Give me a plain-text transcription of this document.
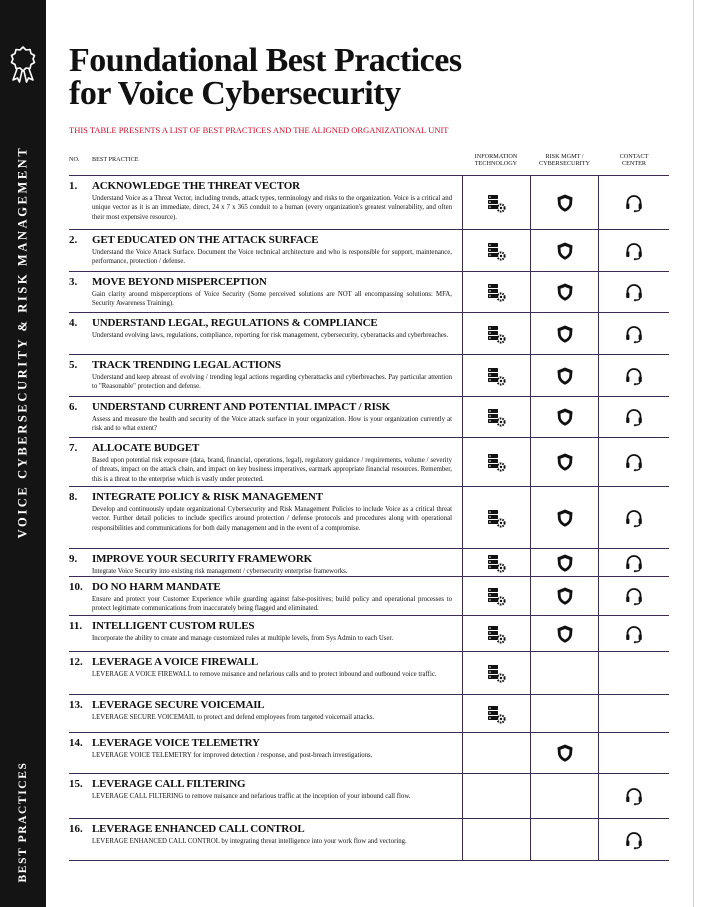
VOICE CYBERSECURITY & RISK MANAGEMENT
BEST PRACTICES
Foundational Best Practices
for Voice Cybersecurity
THIS TABLE PRESENTS A LIST OF BEST PRACTICES AND THE ALIGNED ORGANIZATIONAL UNIT
NO. BEST PRACTICE	INFORMATION
TECHNOLOGY
RISK MGMT /
CYBERSECURITY
CONTACT
CENTER
1. ACKNOWLEDGE THE THREAT VECTOR
Understand Voice as a Threat Vector, including trends, attack types, terminology and risks to the organization. Voice is a critical and unique vector as it is an immediate, direct, 24 x 7 x 365 conduit to a human (every organization's greatest vulnerability, and often their most expensive resource).
2. GET EDUCATED ON THE ATTACK SURFACE
Understand the Voice Attack Surface. Document the Voice technical architecture and who is responsible for support, maintenance, performance, protection / defense.
3. MOVE BEYOND MISPERCEPTION
Gain clarity around misperceptions of Voice Security (Some perceived solutions are NOT all encompassing solutions: MFA, Security Awareness Training).
4. UNDERSTAND LEGAL, REGULATIONS & COMPLIANCE
Understand evolving laws, regulations, compliance, reporting for risk management, cybersecurity, cyberattacks and cyberbreaches.
5. TRACK TRENDING LEGAL ACTIONS
Understand and keep abreast of evolving / trending legal actions regarding cyberattacks and cyberbreaches. Pay particular attention to "Reasonable" protection and defense.
6. UNDERSTAND CURRENT AND POTENTIAL IMPACT / RISK
Assess and measure the health and security of the Voice attack surface in your organization. How is your organization currently at risk and to what extent?
7. ALLOCATE BUDGET
Based upon potential risk exposure (data, brand, financial, operations, legal), regulatory guidance / requirements, volume / severity of threats, impact on the attack chain, and impact on key business imperatives, earmark appropriate financial resources. Remember, this is a threat to the enterprise which is vastly under protected.
8. INTEGRATE POLICY & RISK MANAGEMENT
Develop and continuously update organizational Cybersecurity and Risk Management Policies to include Voice as a critical threat vector. Further detail policies to include specifics around protection / defense protocols and procedures along with operational responsibilities and communications for both daily management and in the event of a compromise.
9. IMPROVE YOUR SECURITY FRAMEWORK
Integrate Voice Security into existing risk management / cybersecurity enterprise frameworks.
10. DO NO HARM MANDATE
Ensure and protect your Customer Experience while guarding against false-positives; build policy and operational processes to protect legitimate communications from inaccurately being flagged and eliminated.
11. INTELLIGENT CUSTOM RULES
Incorporate the ability to create and manage customized rules at multiple levels, from Sys Admin to each User.
12. LEVERAGE A VOICE FIREWALL
LEVERAGE A VOICE FIREWALL to remove nuisance and nefarious calls and to protect inbound and outbound voice traffic.
13. LEVERAGE SECURE VOICEMAIL
LEVERAGE SECURE VOICEMAIL to protect and defend employees from targeted voicemail attacks.
14. LEVERAGE VOICE TELEMETRY
LEVERAGE VOICE TELEMETRY for improved detection / response, and post-breach investigations.
15. LEVERAGE CALL FILTERING
LEVERAGE CALL FILTERING to remove nuisance and nefarious traffic at the inception of your inbound call flow.
16. LEVERAGE ENHANCED CALL CONTROL
LEVERAGE ENHANCED CALL CONTROL by integrating threat intelligence into your work flow and vectoring.
